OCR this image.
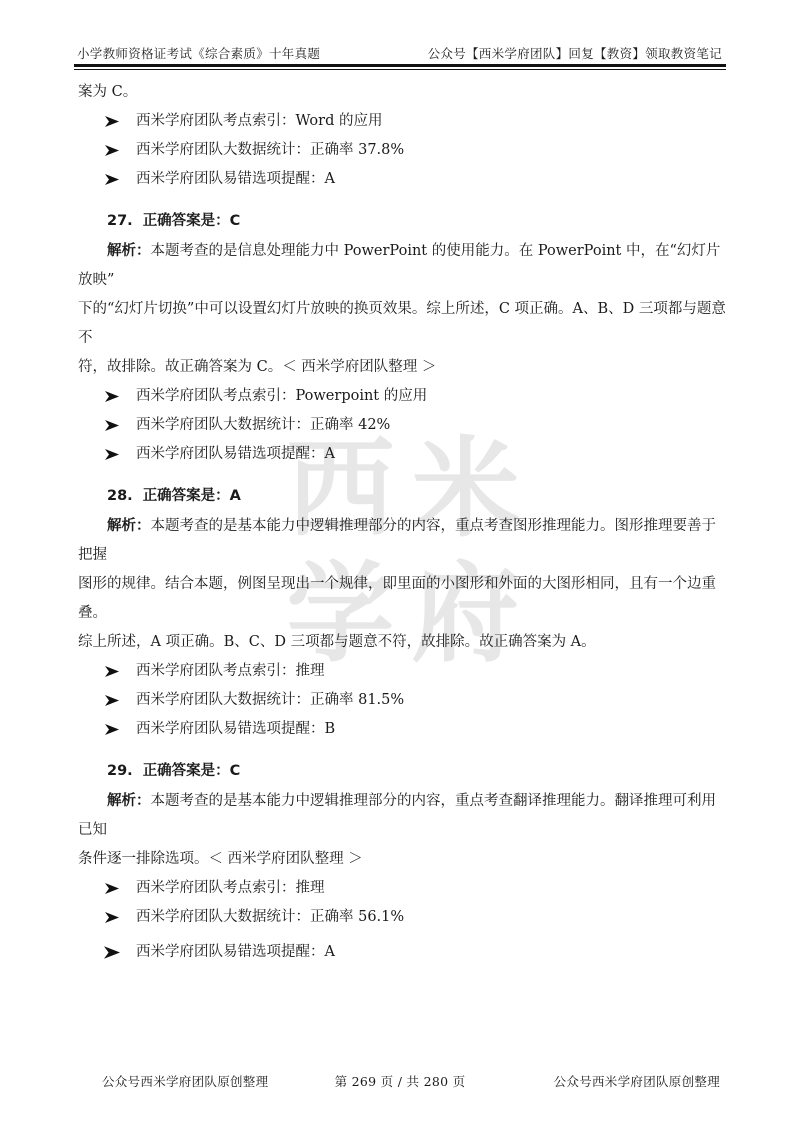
小学教师资格证考试《综合素质》十年真题	公众号【西米学府团队】回复【教资】领取教资笔记
西 米
学 府
案为 C。
西米学府团队考点索引：Word 的应用
西米学府团队大数据统计：正确率 37.8%
西米学府团队易错选项提醒：A
27. 正确答案是：C

解析：本题考查的是信息处理能力中 PowerPoint 的使用能力。在 PowerPoint 中，在“幻灯片放映”
下的“幻灯片切换”中可以设置幻灯片放映的换页效果。综上所述，C 项正确。A、B、D 三项都与题意不
符，故排除。故正确答案为 C。＜ 西米学府团队整理 ＞

西米学府团队考点索引：Powerpoint 的应用
西米学府团队大数据统计：正确率 42%
西米学府团队易错选项提醒：A
28. 正确答案是：A

解析：本题考查的是基本能力中逻辑推理部分的内容，重点考查图形推理能力。图形推理要善于把握
图形的规律。结合本题，例图呈现出一个规律，即里面的小图形和外面的大图形相同，且有一个边重叠。
综上所述，A 项正确。B、C、D 三项都与题意不符，故排除。故正确答案为 A。

西米学府团队考点索引：推理
西米学府团队大数据统计：正确率 81.5%
西米学府团队易错选项提醒：B
29. 正确答案是：C

解析：本题考查的是基本能力中逻辑推理部分的内容，重点考查翻译推理能力。翻译推理可利用已知
条件逐一排除选项。＜ 西米学府团队整理 ＞

西米学府团队考点索引：推理
西米学府团队大数据统计：正确率 56.1%
西米学府团队易错选项提醒：A
公众号西米学府团队原创整理	第 269 页 / 共 280 页	公众号西米学府团队原创整理
